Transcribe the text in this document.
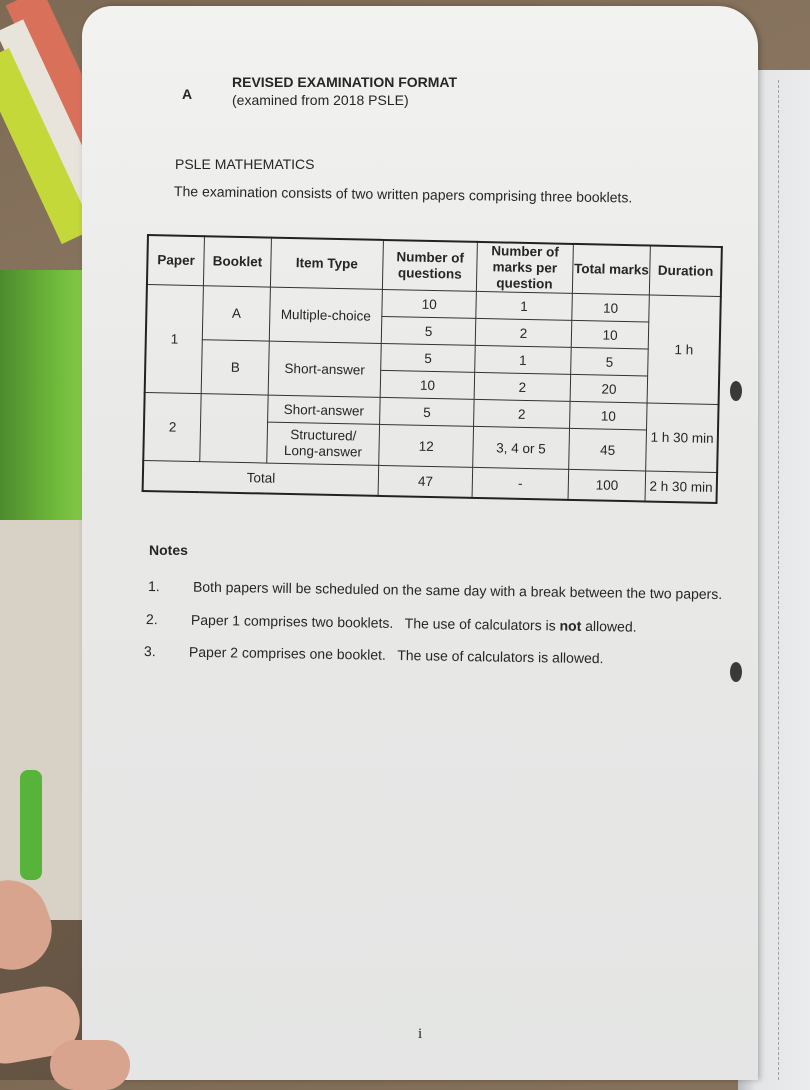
A
REVISED EXAMINATION FORMAT
(examined from 2018 PSLE)
PSLE MATHEMATICS
The examination consists of two written papers comprising three booklets.
Paper	Booklet	Item Type	Number of questions	Number of marks per question	Total marks	Duration
1	A	Multiple-choice	10	1	10	1 h
			5	2	10	
	B	Short-answer	5	1	5	
			10	2	20	
2		Short-answer	5	2	10	1 h 30 min
		Structured/ Long-answer	12	3, 4 or 5	45	
Total			47	-	100	2 h 30 min
Notes
1. Both papers will be scheduled on the same day with a break between the two papers.
2. Paper 1 comprises two booklets.   The use of calculators is not allowed.
3. Paper 2 comprises one booklet.   The use of calculators is allowed.
i
